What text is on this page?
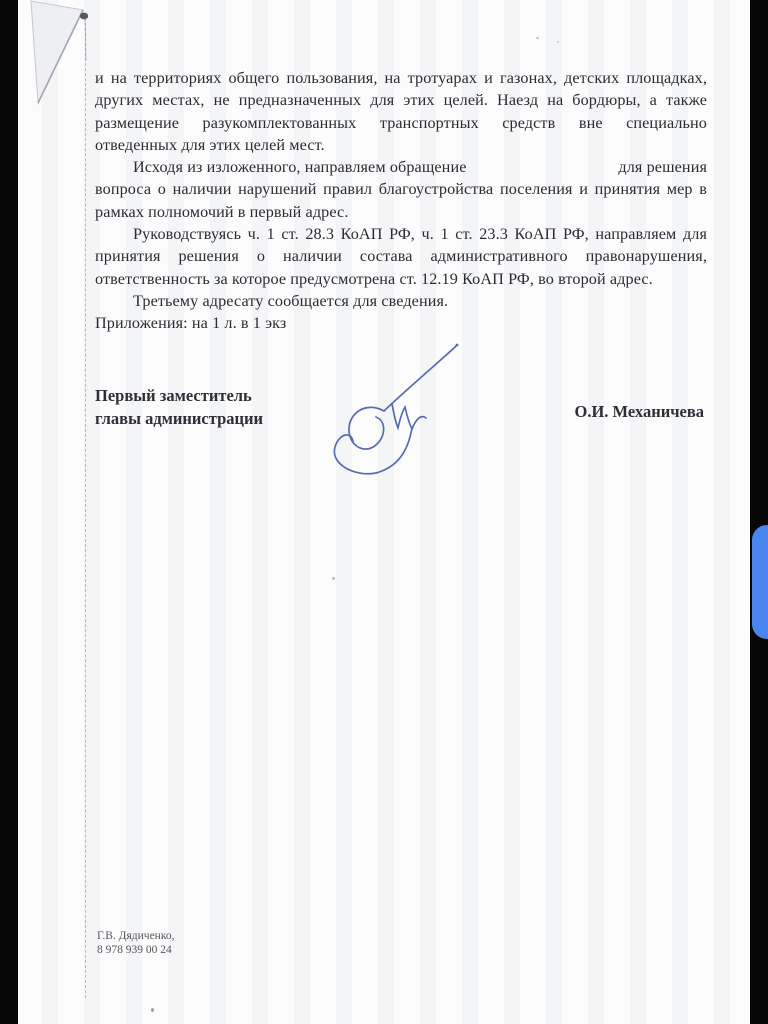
и на территориях общего пользования, на тротуарах и газонах, детских площадках,
других местах, не предназначенных для этих целей. Наезд на бордюры, а также
размещение разукомплектованных транспортных средств вне специально
отведенных для этих целей мест.
Исходя из изложенного, направляем обращение	для решения
вопроса о наличии нарушений правил благоустройства поселения и принятия мер в
рамках полномочий в первый адрес.
Руководствуясь ч. 1 ст. 28.3 КоАП РФ, ч. 1 ст. 23.3 КоАП РФ, направляем для
принятия решения о наличии состава административного правонарушения,
ответственность за которое предусмотрена ст. 12.19 КоАП РФ, во второй адрес.
Третьему адресату сообщается для сведения.
Приложения: на 1 л. в 1 экз
Первый заместитель
главы администрации	О.И. Механичева
Г.В. Дядиченко,
8 978 939 00 24
